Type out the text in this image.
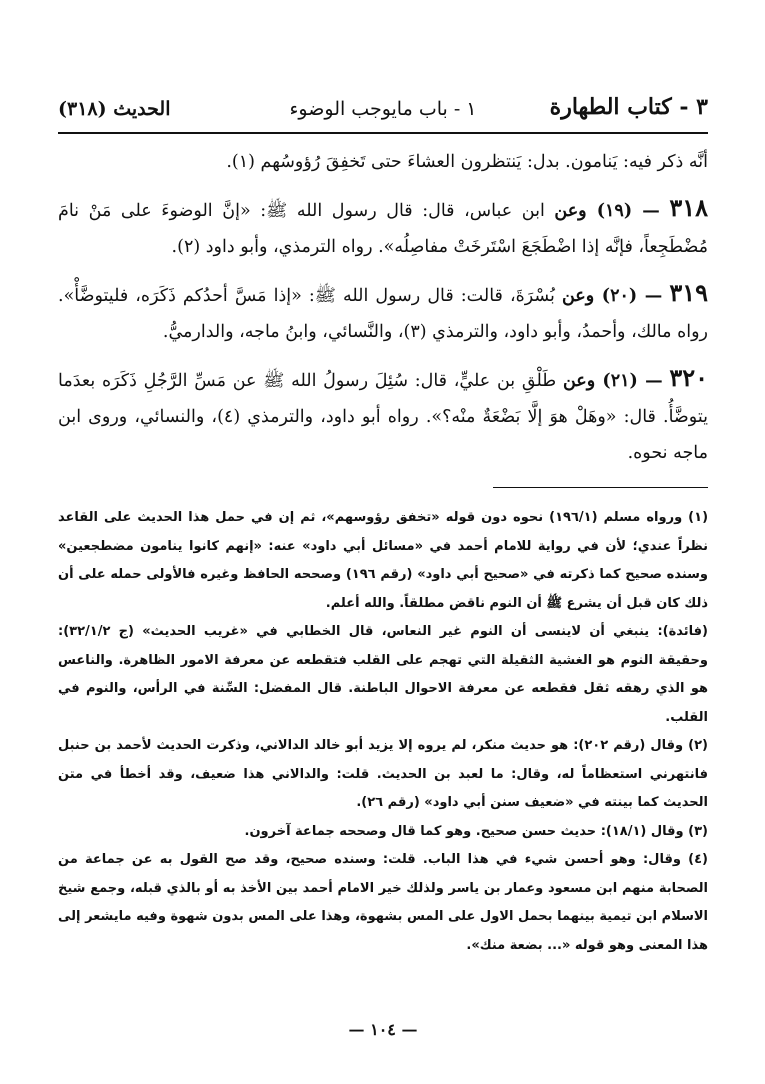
٣ - كتاب الطهارة
١ - باب مايوجب الوضوء
الحديث (٣١٨)

أنَّه ذكر فيه: يَنامون. بدل: يَنتظرون العشاءَ حتى تَخفِقَ رُؤوسُهم (١).

٣١٨ — (١٩) وعن ابن عباس، قال: قال رسول الله ﷺ: «إنَّ الوضوءَ على مَنْ نامَ مُضْطَجِعاً، فإنَّه إذا اضْطَجَعَ اسْتَرخَتْ مفاصِلُه». رواه الترمذي، وأبو داود (٢).

٣١٩ — (٢٠) وعن بُسْرَةَ، قالت: قال رسول الله ﷺ: «إذا مَسَّ أحدُكم ذَكَرَه، فليتوضَّأْ». رواه مالك، وأحمدُ، وأبو داود، والترمذي (٣)، والنَّسائي، وابنُ ماجه، والدارميُّ.

٣٢٠ — (٢١) وعن طَلْقِ بن عليٍّ، قال: سُئِلَ رسولُ الله ﷺ عن مَسِّ الرَّجُلِ ذَكَرَه بعدَما يتوضَّأُ. قال: «وهَلْ هوَ إلَّا بَضْعَةٌ منْه؟». رواه أبو داود، والترمذي (٤)، والنسائي، وروى ابن ماجه نحوه.

(١) ورواه مسلم (١٩٦/١) نحوه دون قوله «تخفق رؤوسهم»، ثم إن في حمل هذا الحديث على القاعد نظراً عندي؛ لأن في رواية للامام أحمد في «مسائل أبي داود» عنه: «إنهم كانوا ينامون مضطجعين» وسنده صحيح كما ذكرته في «صحيح أبي داود» (رقم ١٩٦) وصححه الحافظ وغيره فالأولى حمله على أن ذلك كان قبل أن يشرع ﷺ أن النوم ناقض مطلقاً. والله أعلم.

(فائدة): ينبغي أن لاينسى أن النوم غير النعاس، قال الخطابي في «غريب الحديث» (ج ٣٢/١/٢): وحقيقة النوم هو الغشية الثقيلة التي تهجم على القلب فتقطعه عن معرفة الامور الظاهرة. والناعس هو الذي رهقه ثقل فقطعه عن معرفة الاحوال الباطنة. قال المفضل: السِّنة في الرأس، والنوم في القلب.

(٢) وقال (رقم ٢٠٢): هو حديث منكر، لم يروه إلا يزيد أبو خالد الدالاني، وذكرت الحديث لأحمد بن حنبل فانتهرني استعظاماً له، وقال: ما لعبد بن الحديث. قلت: والدالاني هذا ضعيف، وقد أخطأ في متن الحديث كما بينته في «ضعيف سنن أبي داود» (رقم ٢٦).

(٣) وقال (١٨/١): حديث حسن صحيح. وهو كما قال وصححه جماعة آخرون.

(٤) وقال: وهو أحسن شيء في هذا الباب. قلت: وسنده صحيح، وقد صح القول به عن جماعة من الصحابة منهم ابن مسعود وعمار بن ياسر ولذلك خير الامام أحمد بين الأخذ به أو بالذي قبله، وجمع شيخ الاسلام ابن تيمية بينهما بحمل الاول على المس بشهوة، وهذا على المس بدون شهوة وفيه مايشعر إلى هذا المعنى وهو قوله «... بضعة منك».

— ١٠٤ —
